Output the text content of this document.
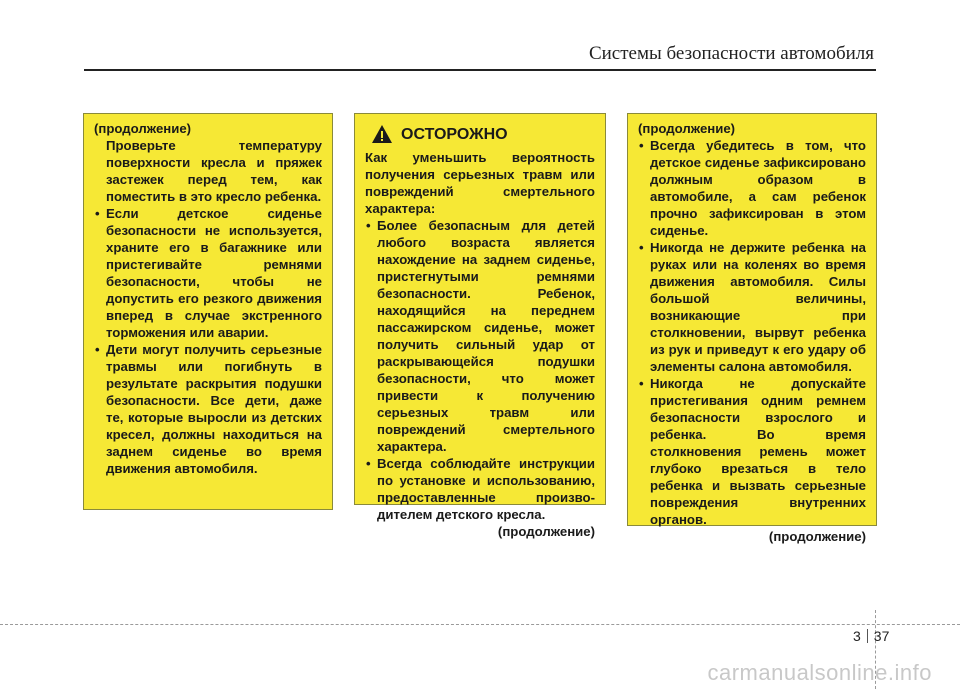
Системы безопасности автомобиля
(продолжение)
Проверьте температуру поверхности кресла и пряжек застежек перед тем, как поместить в это кресло ребенка.
• Если детское сиденье безопасности не используется, храните его в багажнике или пристегивайте ремнями безопасности, чтобы не допустить его резкого движения вперед в случае экстренного торможения или аварии.
• Дети могут получить серьезные травмы или погибнуть в результате раскрытия подушки безопасности. Все дети, даже те, которые выросли из детских кресел, должны находиться на заднем сиденье во время движения автомобиля.
ОСТОРОЖНО
Как уменьшить вероятность получения серьезных травм или повреждений смертельного характера:
• Более безопасным для детей любого возраста является нахождение на заднем сиденье, пристегнутыми ремнями безопасности. Ребенок, находящийся на переднем пассажирском сиденье, может получить сильный удар от раскрывающейся подушки безопасности, что может привести к получению серьезных травм или повреждений смертельного характера.
• Всегда соблюдайте инструкции по установке и использованию, предоставленные произво-дителем детского кресла.
(продолжение)
(продолжение)
• Всегда убедитесь в том, что детское сиденье зафиксировано должным образом в автомобиле, а сам ребенок прочно зафиксирован в этом сиденье.
• Никогда не держите ребенка на руках или на коленях во время движения автомобиля. Силы большой величины, возникающие при столкновении, вырвут ребенка из рук и приведут к его удару об элементы салона автомобиля.
• Никогда не допускайте пристегивания одним ремнем безопасности взрослого и ребенка. Во время столкновения ремень может глубоко врезаться в тело ребенка и вызвать серьезные повреждения внутренних органов.
(продолжение)
3 37
carmanualsonline.info
